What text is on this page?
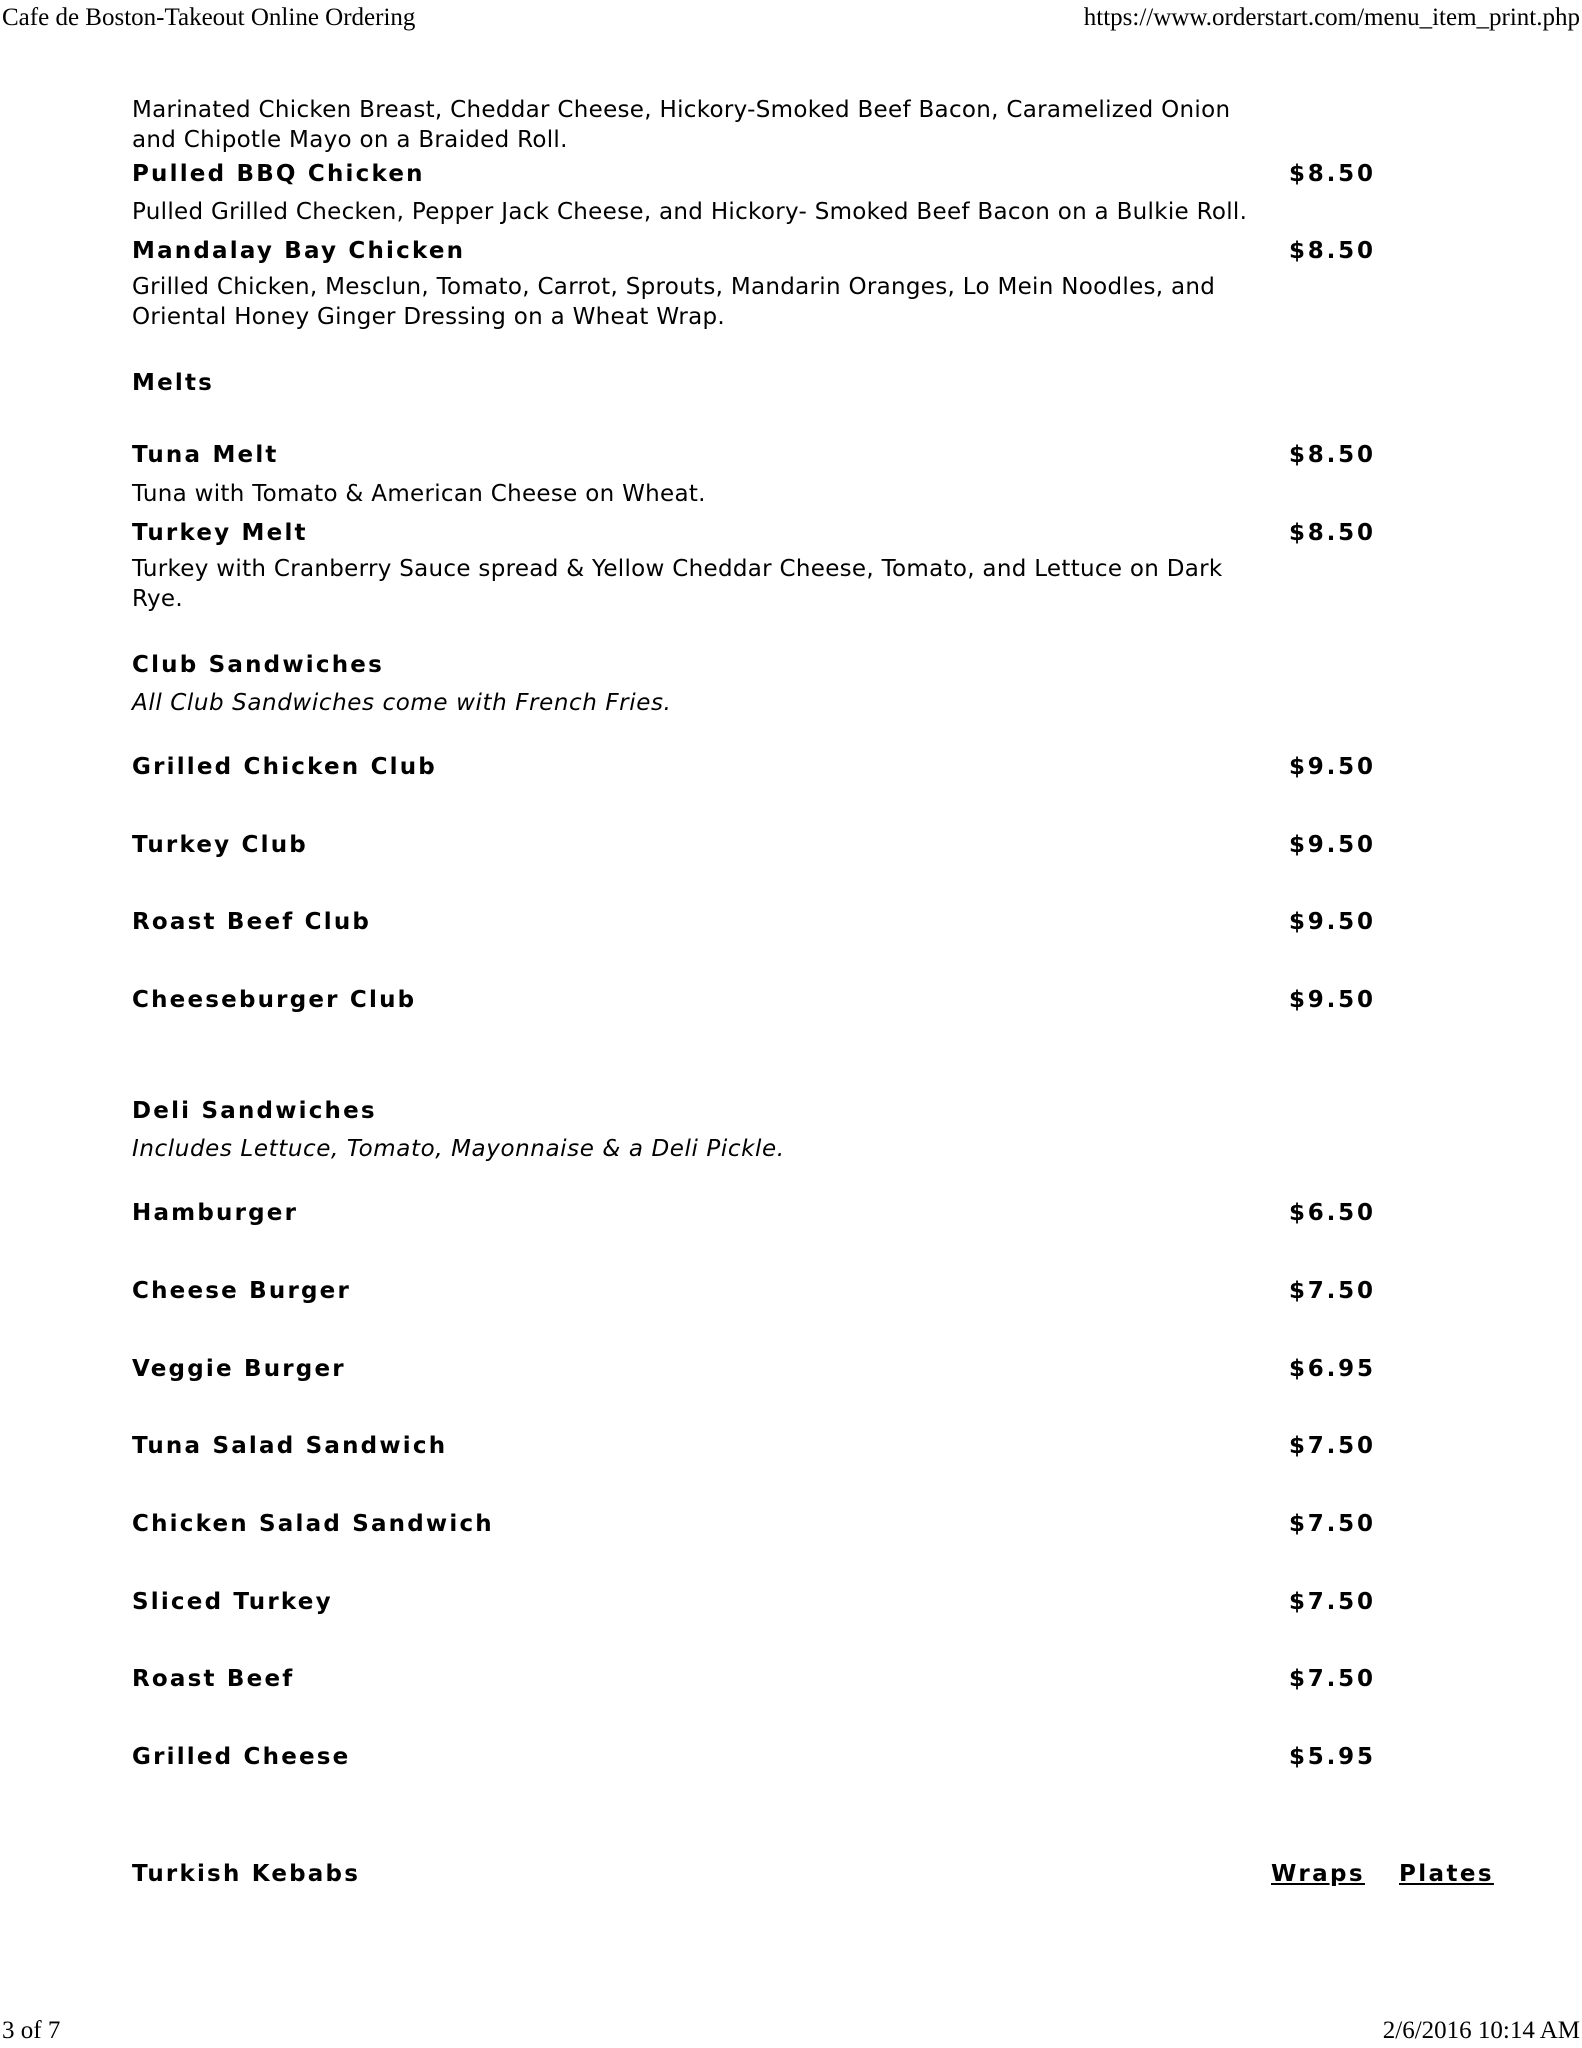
Cafe de Boston-Takeout Online Ordering	https://www.orderstart.com/menu_item_print.php
Marinated Chicken Breast, Cheddar Cheese, Hickory-Smoked Beef Bacon, Caramelized Onion and Chipotle Mayo on a Braided Roll.
Pulled BBQ Chicken	$8.50
Pulled Grilled Checken, Pepper Jack Cheese, and Hickory- Smoked Beef Bacon on a Bulkie Roll.
Mandalay Bay Chicken	$8.50
Grilled Chicken, Mesclun, Tomato, Carrot, Sprouts, Mandarin Oranges, Lo Mein Noodles, and Oriental Honey Ginger Dressing on a Wheat Wrap.
Melts
Tuna Melt	$8.50
Tuna with Tomato & American Cheese on Wheat.
Turkey Melt	$8.50
Turkey with Cranberry Sauce spread & Yellow Cheddar Cheese, Tomato, and Lettuce on Dark Rye.
Club Sandwiches
All Club Sandwiches come with French Fries.
Grilled Chicken Club	$9.50
Turkey Club	$9.50
Roast Beef Club	$9.50
Cheeseburger Club	$9.50
Deli Sandwiches
Includes Lettuce, Tomato, Mayonnaise & a Deli Pickle.
Hamburger	$6.50
Cheese Burger	$7.50
Veggie Burger	$6.95
Tuna Salad Sandwich	$7.50
Chicken Salad Sandwich	$7.50
Sliced Turkey	$7.50
Roast Beef	$7.50
Grilled Cheese	$5.95
Turkish Kebabs	Wraps Plates
3 of 7	2/6/2016 10:14 AM
